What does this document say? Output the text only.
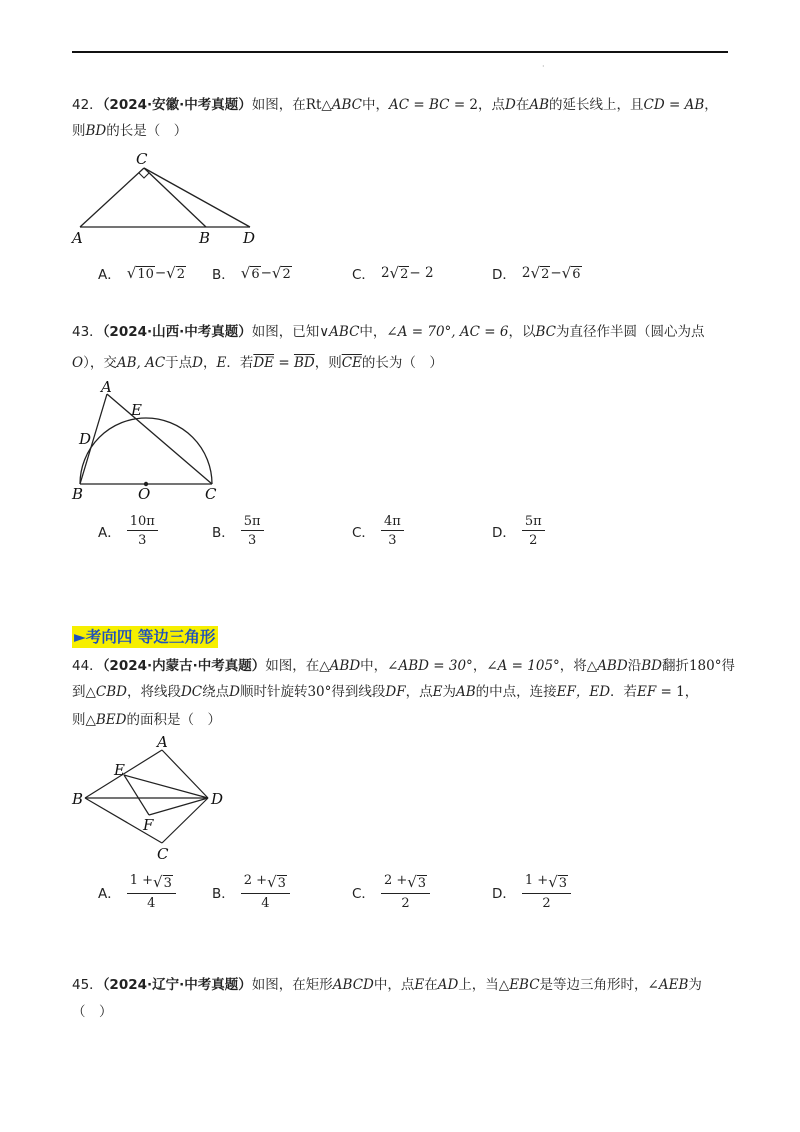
·
42．（2024·安徽·中考真题）如图，在Rt△ABC中，AC = BC = 2，点D在AB的延长线上，且CD = AB，
则BD的长是（　）
C
A	B D
A． √ 10 − √ 2 B． √ 6 − √ 2	C． 2 √ 2 − 2	D． 2 √ 2 − √ 6
43．（2024·山西·中考真题）如图，已知∨ABC中，∠A = 70°, AC = 6，以BC为直径作半圆（圆心为点
O），交AB, AC于点D，E．若$\overline{DE} = \overline{BD}$，则$\overline{CE}$的长为（　）
A
E
D
B	O	C
A． $\frac{10\pi}{3}$	B． $\frac{5\pi}{3}$	C． $\frac{4\pi}{3}$	D． $\frac{5\pi}{2}$
►考向四 等边三角形
44．（2024·内蒙古·中考真题）如图，在△ABD中，∠ABD = 30°，∠A = 105°，将△ABD沿BD翻折180°得
到△CBD，将线段DC绕点D顺时针旋转30°得到线段DF，点E为AB的中点，连接EF，ED．若EF = 1，
则△BED的面积是（　）
A
E
B	D
F
C
A． $\frac{1 + √ 3}{4}$	B． $\frac{2 + √ 3}{4}$	C． $\frac{2 + √ 3}{2}$	D． $\frac{1 + √ 3}{2}$
45．（2024·辽宁·中考真题）如图，在矩形ABCD中，点E在AD上，当△EBC是等边三角形时，∠AEB为
（　）
